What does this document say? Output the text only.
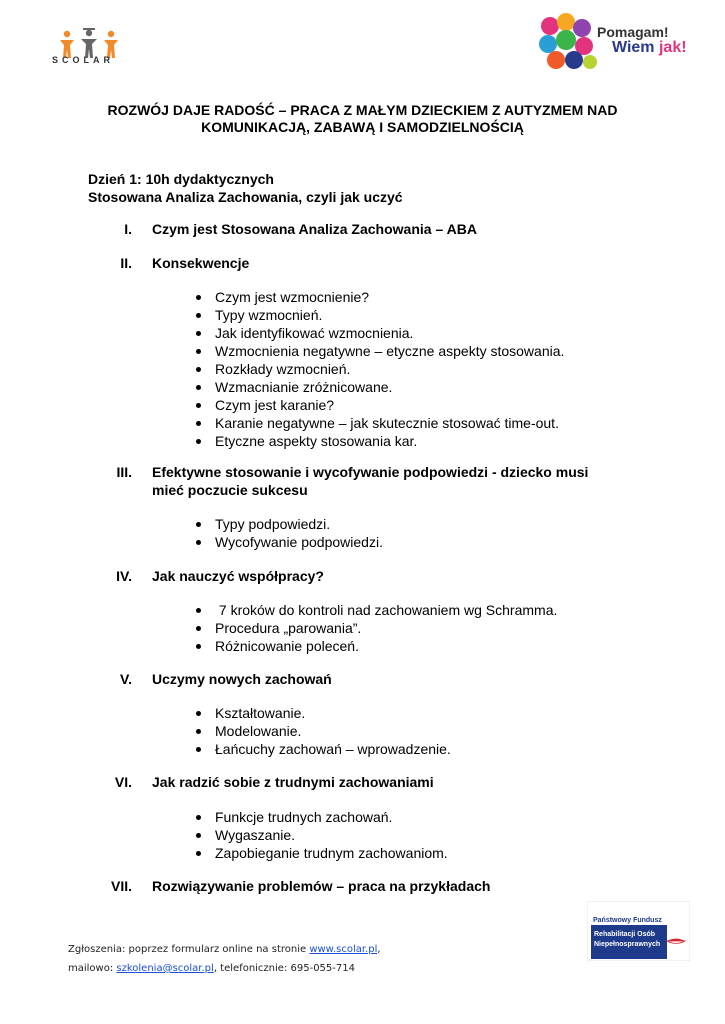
SCOLAR
Pomagam!
Wiem jak!
ROZWÓJ DAJE RADOŚĆ – PRACA Z MAŁYM DZIECKIEM Z AUTYZMEM NAD
KOMUNIKACJĄ, ZABAWĄ I SAMODZIELNOŚCIĄ
Dzień 1: 10h dydaktycznych
Stosowana Analiza Zachowania, czyli jak uczyć
I. Czym jest Stosowana Analiza Zachowania – ABA
II. Konsekwencje
Czym jest wzmocnienie?
Typy wzmocnień.
Jak identyfikować wzmocnienia.
Wzmocnienia negatywne – etyczne aspekty stosowania.
Rozkłady wzmocnień.
Wzmacnianie zróżnicowane.
Czym jest karanie?
Karanie negatywne – jak skutecznie stosować time-out.
Etyczne aspekty stosowania kar.
III. Efektywne stosowanie i wycofywanie podpowiedzi - dziecko musi
mieć poczucie sukcesu
Typy podpowiedzi.
Wycofywanie podpowiedzi.
IV. Jak nauczyć współpracy?
7 kroków do kontroli nad zachowaniem wg Schramma.
Procedura „parowania”.
Różnicowanie poleceń.
V. Uczymy nowych zachowań
Kształtowanie.
Modelowanie.
Łańcuchy zachowań – wprowadzenie.
VI. Jak radzić sobie z trudnymi zachowaniami
Funkcje trudnych zachowań.
Wygaszanie.
Zapobieganie trudnym zachowaniom.
VII. Rozwiązywanie problemów – praca na przykładach
Państwowy Fundusz
Rehabilitacji Osób
Niepełnosprawnych
Zgłoszenia: poprzez formularz online na stronie www.scolar.pl,
mailowo: szkolenia@scolar.pl, telefonicznie: 695-055-714
